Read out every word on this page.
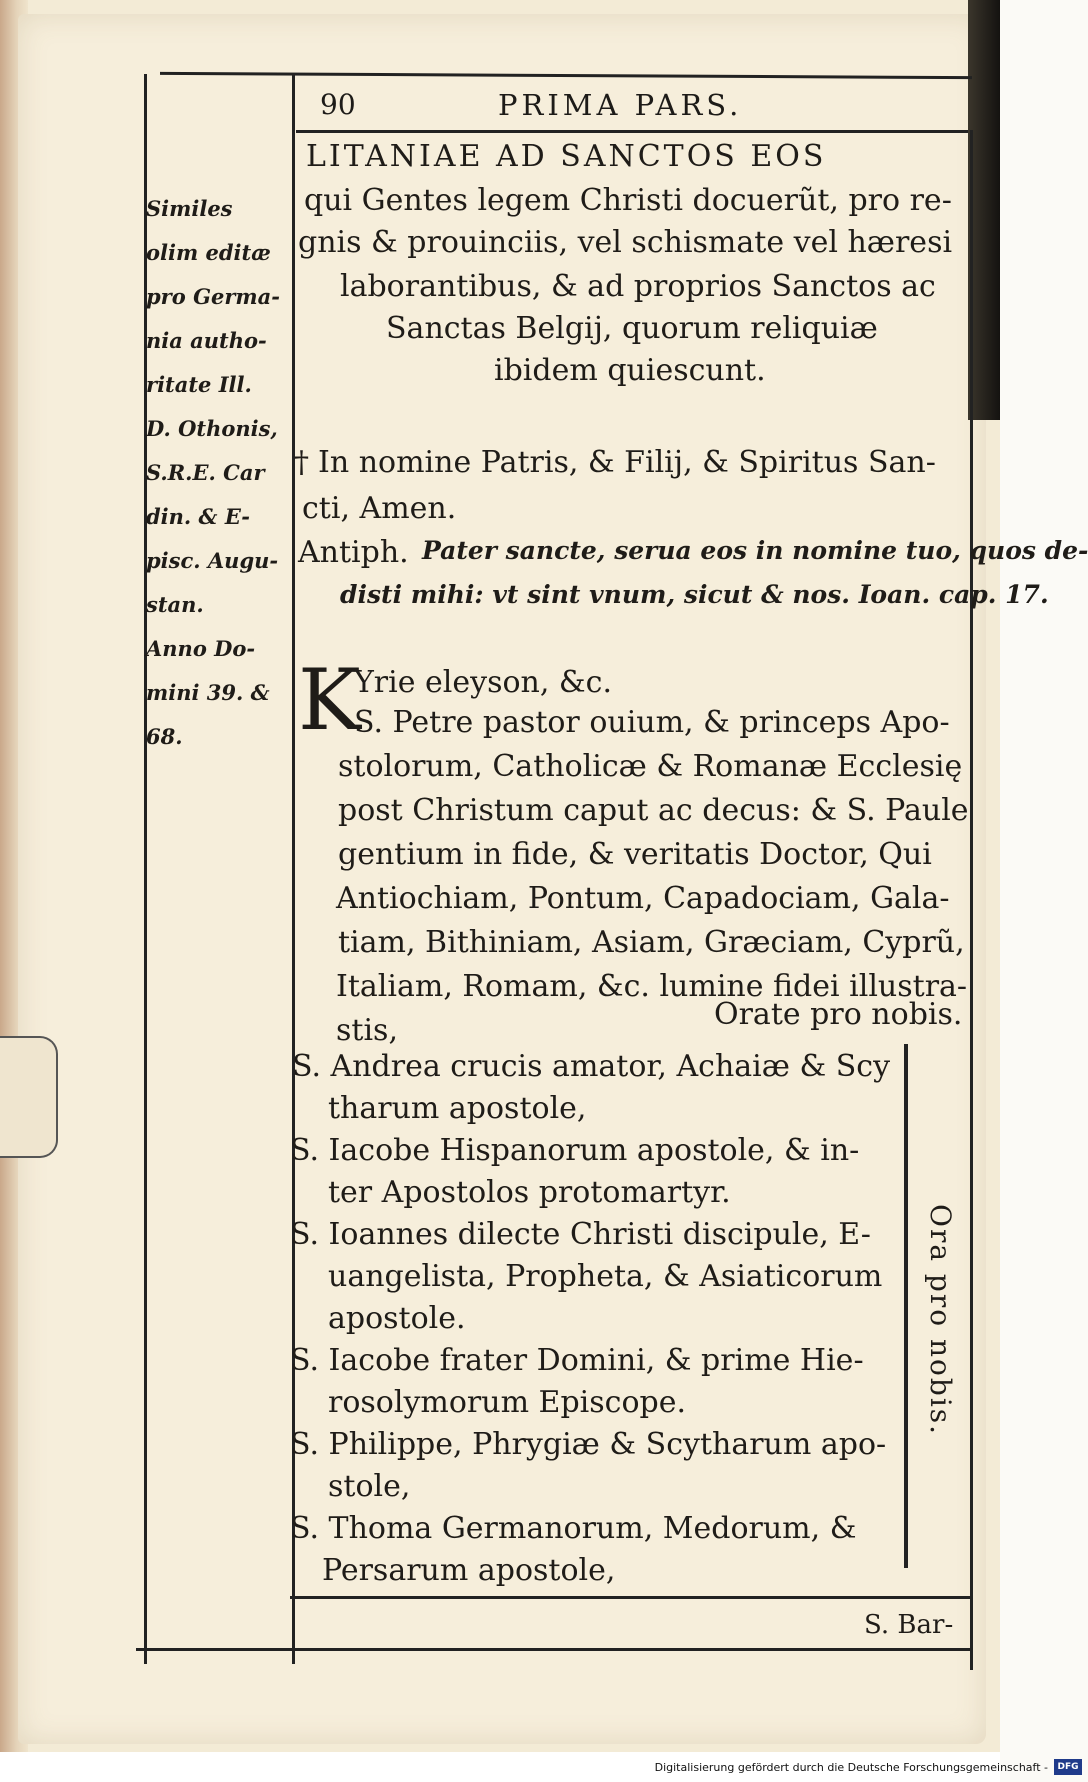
90	PRIMA PARS.
LITANIAE AD SANCTOS EOS
qui Gentes legem Christi docuerũt, pro re-
gnis & prouinciis, vel schismate vel hæresi
laborantibus, & ad proprios Sanctos ac
Sanctas Belgij, quorum reliquiæ
ibidem quiescunt.
† In nomine Patris, & Filij, & Spiritus San-
cti, Amen.
Antiph. Pater sancte, serua eos in nomine tuo, quos de-
disti mihi: vt sint vnum, sicut & nos. Ioan. cap. 17.
Similes
olim editæ
pro Germa-
nia autho-
ritate Ill.
D. Othonis,
S.R.E. Car
din. & E-
pisc. Augu-
stan.
Anno Do-
mini 39. &
68. K
Yrie eleyson, &c.
S. Petre pastor ouium, & princeps Apo-
stolorum, Catholicæ & Romanæ Ecclesię
post Christum caput ac decus: & S. Paule
gentium in fide, & veritatis Doctor, Qui
Antiochiam, Pontum, Capadociam, Gala-
tiam, Bithiniam, Asiam, Græciam, Cyprũ,
Italiam, Romam, &c. lumine fidei illustra-
stis,	Orate pro nobis.
S. Andrea crucis amator, Achaiæ & Scy
tharum apostole,
S. Iacobe Hispanorum apostole, & in-
ter Apostolos protomartyr.
S. Ioannes dilecte Christi discipule, E-
uangelista, Propheta, & Asiaticorum
apostole.
S. Iacobe frater Domini, & prime Hie-
rosolymorum Episcope.
S. Philippe, Phrygiæ & Scytharum apo-
stole,
S. Thoma Germanorum, Medorum, &
Persarum apostole,
Ora pro nobis.
S. Bar-
Digitalisierung gefördert durch die Deutsche Forschungsgemeinschaft -	DFG
